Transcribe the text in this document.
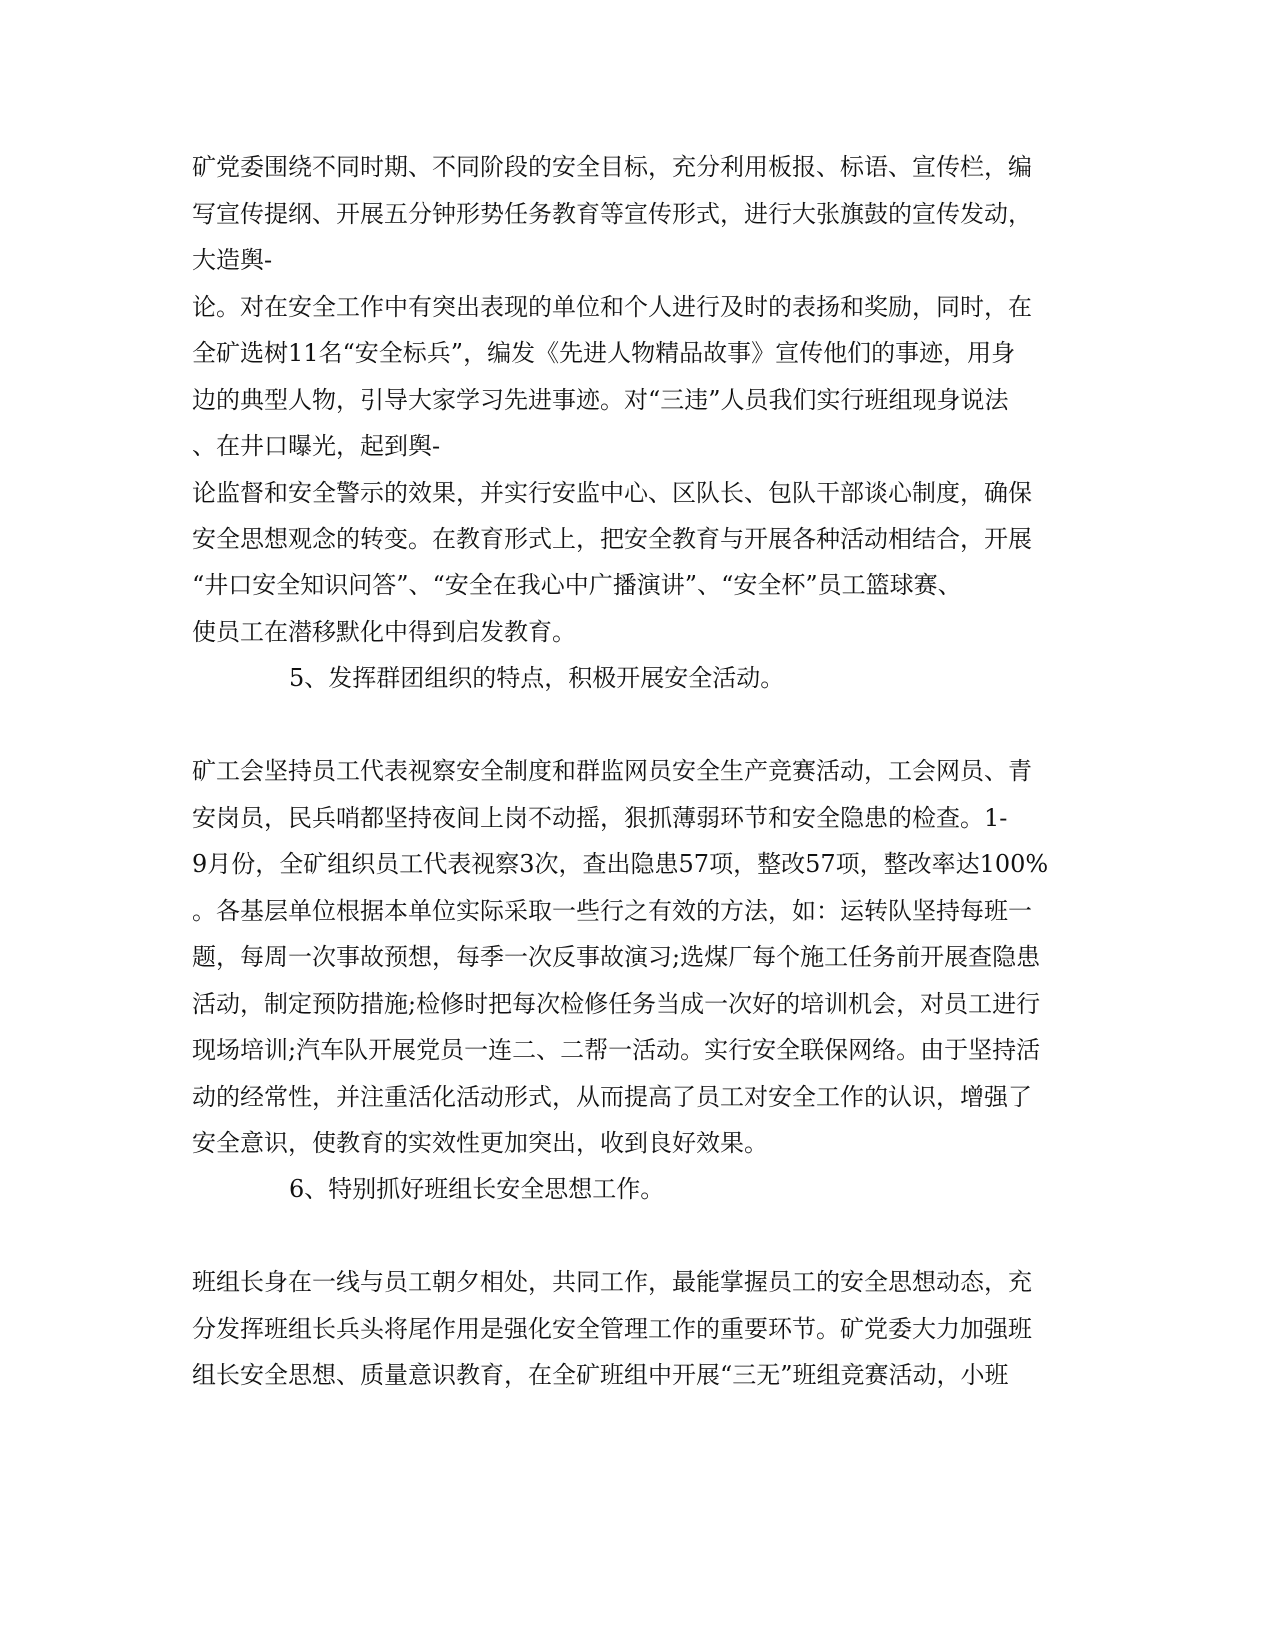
矿党委围绕不同时期、不同阶段的安全目标，充分利用板报、标语、宣传栏，编
写宣传提纲、开展五分钟形势任务教育等宣传形式，进行大张旗鼓的宣传发动，
大造舆-
论。对在安全工作中有突出表现的单位和个人进行及时的表扬和奖励，同时，在
全矿选树11名“安全标兵”，编发《先进人物精品故事》宣传他们的事迹，用身
边的典型人物，引导大家学习先进事迹。对“三违”人员我们实行班组现身说法
、在井口曝光，起到舆-
论监督和安全警示的效果，并实行安监中心、区队长、包队干部谈心制度，确保
安全思想观念的转变。在教育形式上，把安全教育与开展各种活动相结合，开展
“井口安全知识问答”、“安全在我心中广播演讲”、“安全杯”员工篮球赛、
使员工在潜移默化中得到启发教育。
5、发挥群团组织的特点，积极开展安全活动。
矿工会坚持员工代表视察安全制度和群监网员安全生产竞赛活动，工会网员、青
安岗员，民兵哨都坚持夜间上岗不动摇，狠抓薄弱环节和安全隐患的检查。1-
9月份，全矿组织员工代表视察3次，查出隐患57项，整改57项，整改率达100%
。各基层单位根据本单位实际采取一些行之有效的方法，如：运转队坚持每班一
题，每周一次事故预想，每季一次反事故演习;选煤厂每个施工任务前开展查隐患
活动，制定预防措施;检修时把每次检修任务当成一次好的培训机会，对员工进行
现场培训;汽车队开展党员一连二、二帮一活动。实行安全联保网络。由于坚持活
动的经常性，并注重活化活动形式，从而提高了员工对安全工作的认识，增强了
安全意识，使教育的实效性更加突出，收到良好效果。
6、特别抓好班组长安全思想工作。
班组长身在一线与员工朝夕相处，共同工作，最能掌握员工的安全思想动态，充
分发挥班组长兵头将尾作用是强化安全管理工作的重要环节。矿党委大力加强班
组长安全思想、质量意识教育，在全矿班组中开展“三无”班组竞赛活动，小班
